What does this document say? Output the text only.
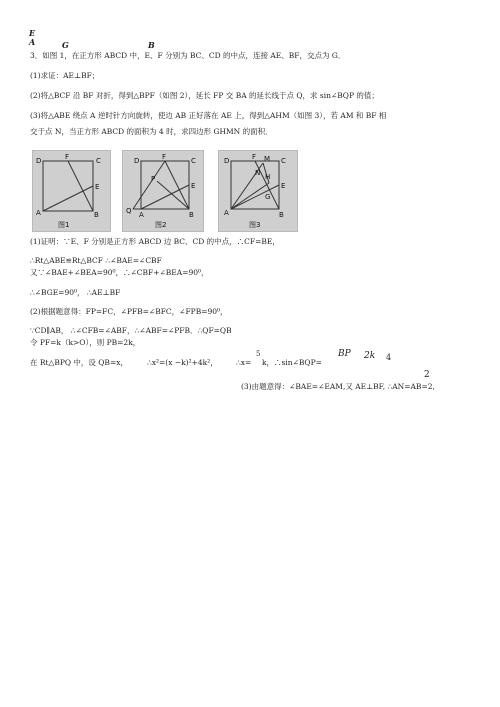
E
A	G	B
3．如图 1，在正方形 ABCD 中，E、F 分别为 BC、CD 的中点，连接 AE、BF，交点为 G．
(1)求证：AE⊥BF；
(2)将△BCF 沿 BF 对折，得到△BPF（如图 2），延长 FP 交 BA 的延长线于点 Q，求 sin∠BQP 的值；
(3)将△ABE 绕点 A 逆时针方向旋转，使边 AB 正好落在 AE 上，得到△AHM（如图 3），若 AM 和 BF 相
交于点 N，当正方形 ABCD 的面积为 4 时，求四边形 GHMN 的面积．
D	F	C
E
A	B
图1
D	F	C
P
E
Q A	B
图2
D	F	C
M
N H
E
A	B
G
图3
(1)证明：∵E、F 分别是正方形 ABCD 边 BC、CD 的中点，∴CF=BE，
∴Rt△ABE≌Rt△BCF ∴∠BAE=∠CBF
又∵∠BAE+∠BEA=90⁰，∴∠CBF+∠BEA=90⁰，
∴∠BGE=90⁰， ∴AE⊥BF
(2)根据题意得：FP=FC，∠PFB=∠BFC，∠FPB=90⁰，
∵CD∥AB， ∴∠CFB=∠ABF，∴∠ABF=∠PFB．∴QF=QB
令 PF=k（k>O），则 PB=2k，
在 Rt△BPQ 中，设 QB=x，	∴x²=(x −k)²+4k²， ∴x=
5
k，∴sin∠BQP=
BP 2k 4
2
(3)由题意得：∠BAE=∠EAM,又 AE⊥BF, ∴AN=AB=2,
